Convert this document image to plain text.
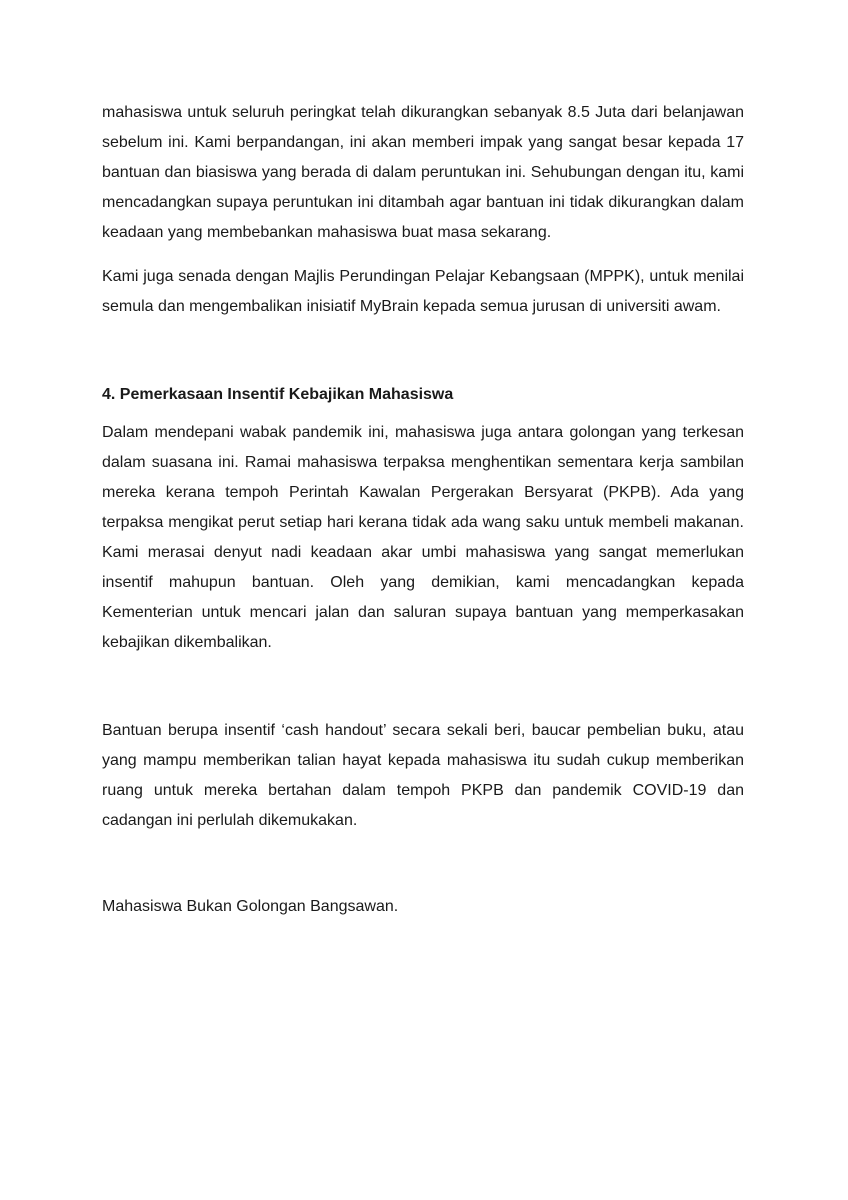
mahasiswa untuk seluruh peringkat telah dikurangkan sebanyak 8.5 Juta dari belanjawan sebelum ini. Kami berpandangan, ini akan memberi impak yang sangat besar kepada 17 bantuan dan biasiswa yang berada di dalam peruntukan ini. Sehubungan dengan itu, kami mencadangkan supaya peruntukan ini ditambah agar bantuan ini tidak dikurangkan dalam keadaan yang membebankan mahasiswa buat masa sekarang.

Kami juga senada dengan Majlis Perundingan Pelajar Kebangsaan (MPPK), untuk menilai semula dan mengembalikan inisiatif MyBrain kepada semua jurusan di universiti awam.

4. Pemerkasaan Insentif Kebajikan Mahasiswa

Dalam mendepani wabak pandemik ini, mahasiswa juga antara golongan yang terkesan dalam suasana ini. Ramai mahasiswa terpaksa menghentikan sementara kerja sambilan mereka kerana tempoh Perintah Kawalan Pergerakan Bersyarat (PKPB). Ada yang terpaksa mengikat perut setiap hari kerana tidak ada wang saku untuk membeli makanan. Kami merasai denyut nadi keadaan akar umbi mahasiswa yang sangat memerlukan insentif mahupun bantuan. Oleh yang demikian, kami mencadangkan kepada Kementerian untuk mencari jalan dan saluran supaya bantuan yang memperkasakan kebajikan dikembalikan.

Bantuan berupa insentif ‘cash handout’ secara sekali beri, baucar pembelian buku, atau yang mampu memberikan talian hayat kepada mahasiswa itu sudah cukup memberikan ruang untuk mereka bertahan dalam tempoh PKPB dan pandemik COVID-19 dan cadangan ini perlulah dikemukakan.

Mahasiswa Bukan Golongan Bangsawan.
